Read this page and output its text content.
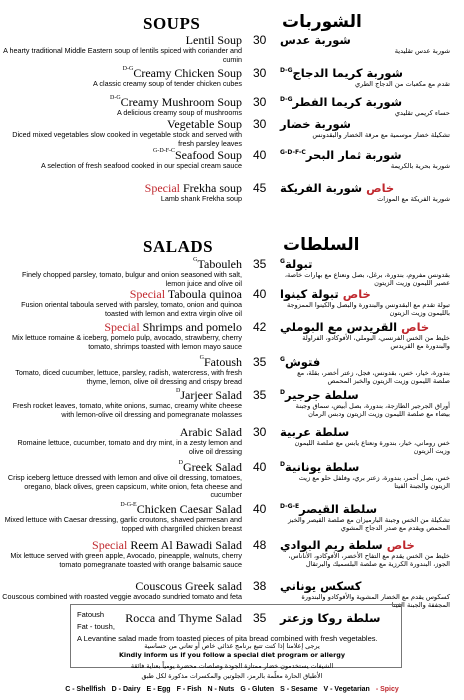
SOUPS	الشوربات
SALADS	السلطات
Lentil Soup 30 شوربة عدس
A hearty traditional Middle Eastern soup of lentils spiced with coriander and cumin
شوربة عدس تقليدية
$^{D-G}$Creamy Chicken Soup 30	شوربة كريما الدجاج$^{D-G}$
A classic creamy soup of tender chicken cubes	تقدم مع مكعبات من الدجاج الطري
$^{D-G}$Creamy Mushroom Soup 30	شوربة كريما الفطر$^{D-G}$
A delicious creamy soup of mushrooms	حساء كريمي تقليدي
Vegetable Soup 30 شوربة خضار
Diced mixed vegetables slow cooked in vegetable stock and served with fresh parsley leaves
تشكيلة خضار موسمية مع مرقة الخضار والبقدونس
$^{G-D-F-C}$Seafood Soup 40	شوربة ثمار البحر$^{G-D-F-C}$
A selection of fresh seafood cooked in our special cream sauce	شوربة بحرية بالكريمة
Special Frekha soup 45	خاص شوربة الفريكة
Lamb shank Frekha soup	شوربة الفريكة مع الموزات
$^G$Tabouleh 35	تبولة$^G$
Finely chopped parsley, tomato, bulgur and onion seasoned with salt, lemon juice and olive oil
بقدونس مفروم، بندورة، برغل، بصل ونعناع مع بهارات خاصة، عصير الليمون وزيت الزيتون
Special Taboula quinoa 40	خاص تبولة كينوا
Fusion oriental taboula served with parsley, tomato, onion and quinoa toasted with lemon and extra virgin olive oil
تبولة تقدم مع البقدونس والبندورة والبصل والكينوا الممزوجة بالليمون وزيت الزيتون
Special Shrimps and pomelo 42	خاص القريدس مع البوملي
Mix lettuce romaine & iceberg, pomelo pulp, avocado, strawberry, cherry tomato, shrimps toasted with lemon mayo sauce
خليط من الخس الفرنسي، البوملي، الأفوكادو، الفراولة والبندورة مع القريدس
$^G$Fatoush 35	فتوش$^G$
Tomato, diced cucumber, lettuce, parsley, radish, watercress, with fresh thyme, lemon, olive oil dressing and crispy bread
بندورة، خيار، خس، بقدونس، فجل، زعتر أخضر، بقلة، مع صلصة الليمون وزيت الزيتون والخبز المحمص
$^D$Jarjeer Salad 35	سلطة جرجير$^D$
Fresh rocket leaves, tomato, white onions, sumac, creamy white cheese with lemon-olive oil dressing and pomegranate molasses
أوراق الجرجير الطازجة، بندورة، بصل أبيض، سماق وجبنة بيضاء مع صلصة الليمون وزيت الزيتون ودبس الرمان
Arabic Salad 30 سلطة عربية
Romaine lettuce, cucumber, tomato and dry mint, in a zesty lemon and olive oil dressing
خس روماني، خيار، بندورة ونعناع يابس مع صلصة الليمون وزيت الزيتون
$^D$Greek Salad 40	سلطة يونانية$^D$
Crisp iceberg lettuce dressed with lemon and olive oil dressing, tomatoes, oregano, black olives, green capsicum, white onion, feta cheese and cucumber
خس، بصل أحمر، بندورة، زعتر بري، وفلفل حلو مع زيت الزيتون والجبنة الفيتا
$^{D-G-E}$Chicken Caesar Salad 40	سلطة القيصر$^{D-G-E}$
Mixed lettuce with Caesar dressing, garlic croutons, shaved parmesan and topped with chargrilled chicken breast
تشكيلة من الخس وجبنة البارميزان مع صلصة القيصر والخبز المحمص ويقدم مع صدر الدجاج المشوي
Special Reem Al Bawadi Salad 48	خاص سلطة ريم البوادي
Mix lettuce served with green apple, Avocado, pineapple, walnuts, cherry tomato pomegranate toasted with orange balsamic sauce
خليط من الخس يقدم مع التفاح الأخضر، الأفوكادو، الأناناس، الجوز، البندورة الكرزية مع صلصة البلسميك والبرتقال
Couscous Greek salad 38 كسكس يوناني
Couscous combined with roasted veggie avocado sundried tomato and feta	كسكوس يقدم مع الخضار المشوية والأفوكادو والبندورة المجففة والجبنة الفيتا
Rocca and Thyme Salad 35 سلطة روكا وزعتر
Fatoush
Fat - toush,
A Levantine salad made from toasted pieces of pita bread combined with fresh vegetables.
يرجى إعلامنا إذا كنت تتبع برنامج غذائي خاص أو تعاني من حساسية
Kindly inform us if you follow a special diet program or allergy
الشيفات يستخدمون خضار ممتازة الجودة وصلصات محضرة يومياً بعناية فائقة
الأطباق الحارة معلّمة بالرمز، الجلوتين والمكسرات مذكورة لكل طبق
C - Shellfish D - Dairy E - Egg F - Fish N - Nuts G - Gluten S - Sesame V - Vegetarian - Spicy
